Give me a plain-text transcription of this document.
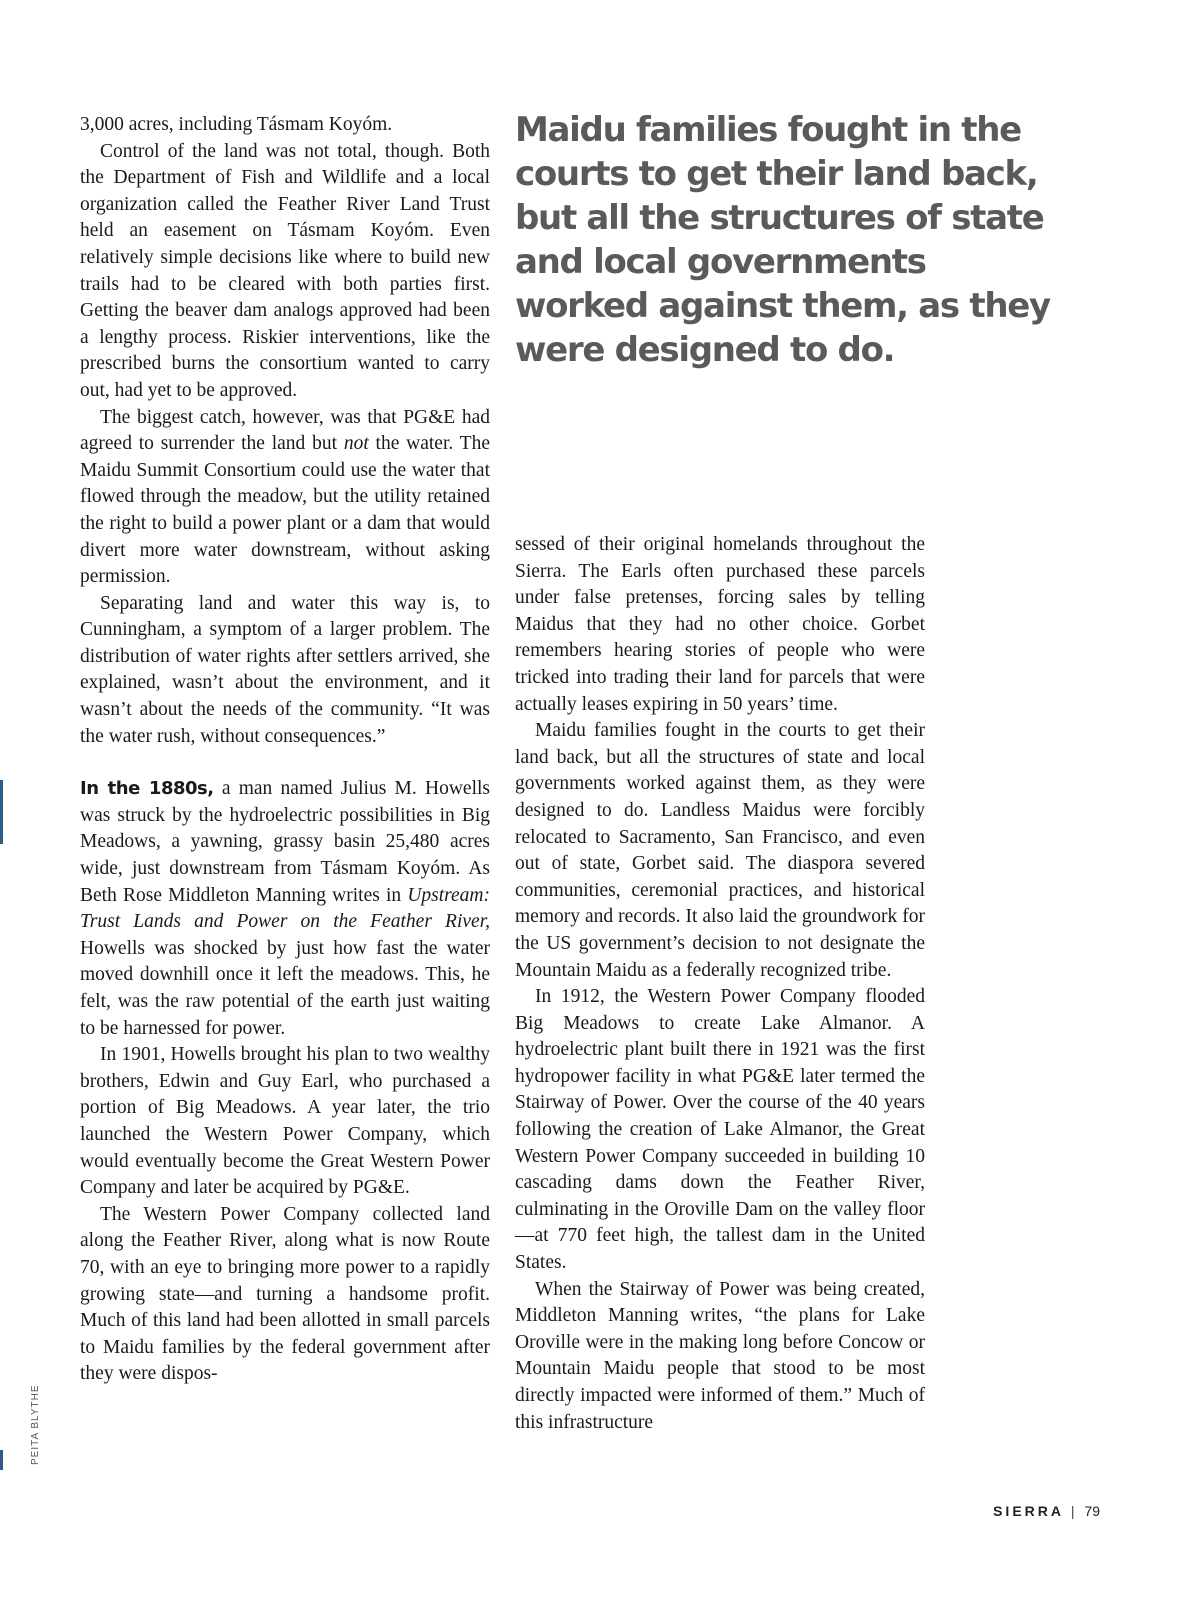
3,000 acres, including Tásmam Koyóm.

Control of the land was not total, though. Both the Department of Fish and Wildlife and a local organization called the Feather River Land Trust held an easement on Tásmam Koyóm. Even relatively simple decisions like where to build new trails had to be cleared with both parties first. Getting the beaver dam analogs approved had been a lengthy process. Riskier interventions, like the prescribed burns the consortium wanted to carry out, had yet to be approved.

The biggest catch, however, was that PG&E had agreed to surrender the land but not the water. The Maidu Summit Consortium could use the water that flowed through the meadow, but the utility retained the right to build a power plant or a dam that would divert more water downstream, without asking permission.

Separating land and water this way is, to Cunningham, a symptom of a larger problem. The distribution of water rights after settlers arrived, she explained, wasn’t about the environment, and it wasn’t about the needs of the community. “It was the water rush, without consequences.”

In the 1880s, a man named Julius M. Howells was struck by the hydroelectric possibilities in Big Meadows, a yawning, grassy basin 25,480 acres wide, just downstream from Tásmam Koyóm. As Beth Rose Middleton Manning writes in Upstream: Trust Lands and Power on the Feather River, Howells was shocked by just how fast the water moved downhill once it left the meadows. This, he felt, was the raw potential of the earth just waiting to be harnessed for power.

In 1901, Howells brought his plan to two wealthy brothers, Edwin and Guy Earl, who purchased a portion of Big Meadows. A year later, the trio launched the Western Power Company, which would eventually become the Great Western Power Company and later be acquired by PG&E.

The Western Power Company collected land along the Feather River, along what is now Route 70, with an eye to bringing more power to a rapidly growing state—and turning a handsome profit. Much of this land had been allotted in small parcels to Maidu families by the federal government after they were dispos-

Maidu families fought in the courts to get their land back, but all the structures of state and local governments worked against them, as they were designed to do.

sessed of their original homelands throughout the Sierra. The Earls often purchased these parcels under false pretenses, forcing sales by telling Maidus that they had no other choice. Gorbet remembers hearing stories of people who were tricked into trading their land for parcels that were actually leases expiring in 50 years’ time.

Maidu families fought in the courts to get their land back, but all the structures of state and local governments worked against them, as they were designed to do. Landless Maidus were forcibly relocated to Sacramento, San Francisco, and even out of state, Gorbet said. The diaspora severed communities, ceremonial practices, and historical memory and records. It also laid the groundwork for the US government’s decision to not designate the Mountain Maidu as a federally recognized tribe.

In 1912, the Western Power Company flooded Big Meadows to create Lake Almanor. A hydroelectric plant built there in 1921 was the first hydropower facility in what PG&E later termed the Stairway of Power. Over the course of the 40 years following the creation of Lake Almanor, the Great Western Power Company succeeded in building 10 cascading dams down the Feather River, culminating in the Oroville Dam on the valley floor—at 770 feet high, the tallest dam in the United States.

When the Stairway of Power was being created, Middleton Manning writes, “the plans for Lake Oroville were in the making long before Concow or Mountain Maidu people that stood to be most directly impacted were informed of them.” Much of this infrastructure

PEITA BLYTHE
SIERRA | 79
